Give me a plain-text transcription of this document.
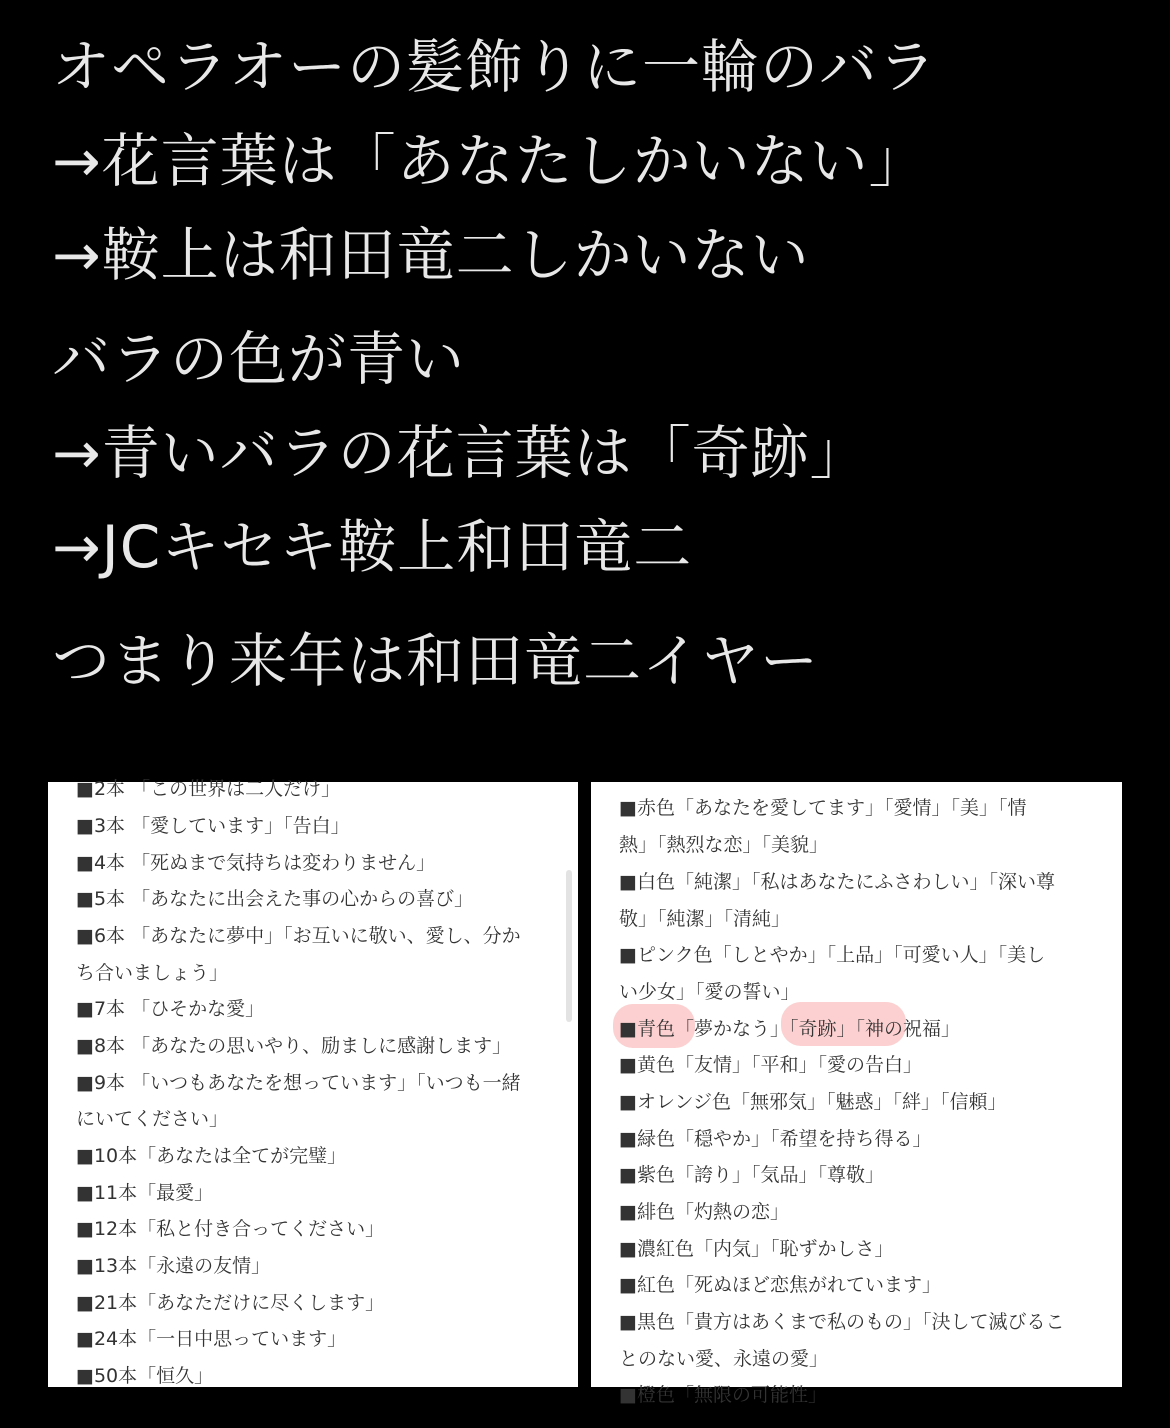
オペラオーの髪飾りに一輪のバラ
→花言葉は「あなたしかいない」
→鞍上は和田竜二しかいない
バラの色が青い
→青いバラの花言葉は「奇跡」
→JCキセキ鞍上和田竜二
つまり来年は和田竜二イヤー
■2本 「この世界は二人だけ」
■3本 「愛しています」「告白」
■4本 「死ぬまで気持ちは変わりません」
■5本 「あなたに出会えた事の心からの喜び」
■6本 「あなたに夢中」「お互いに敬い、愛し、分か
ち合いましょう」
■7本 「ひそかな愛」
■8本 「あなたの思いやり、励ましに感謝します」
■9本 「いつもあなたを想っています」「いつも一緒
にいてください」
■10本「あなたは全てが完璧」
■11本「最愛」
■12本「私と付き合ってください」
■13本「永遠の友情」
■21本「あなただけに尽くします」
■24本「一日中思っています」
■50本「恒久」
■赤色「あなたを愛してます」「愛情」「美」「情
熱」「熱烈な恋」「美貌」
■白色「純潔」「私はあなたにふさわしい」「深い尊
敬」「純潔」「清純」
■ピンク色「しとやか」「上品」「可愛い人」「美し
い少女」「愛の誓い」
■青色「夢かなう」「奇跡」「神の祝福」
■黄色「友情」「平和」「愛の告白」
■オレンジ色「無邪気」「魅惑」「絆」「信頼」
■緑色「穏やか」「希望を持ち得る」
■紫色「誇り」「気品」「尊敬」
■緋色「灼熱の恋」
■濃紅色「内気」「恥ずかしさ」
■紅色「死ぬほど恋焦がれています」
■黒色「貴方はあくまで私のもの」「決して滅びるこ
とのない愛、永遠の愛」
■橙色「無限の可能性」
